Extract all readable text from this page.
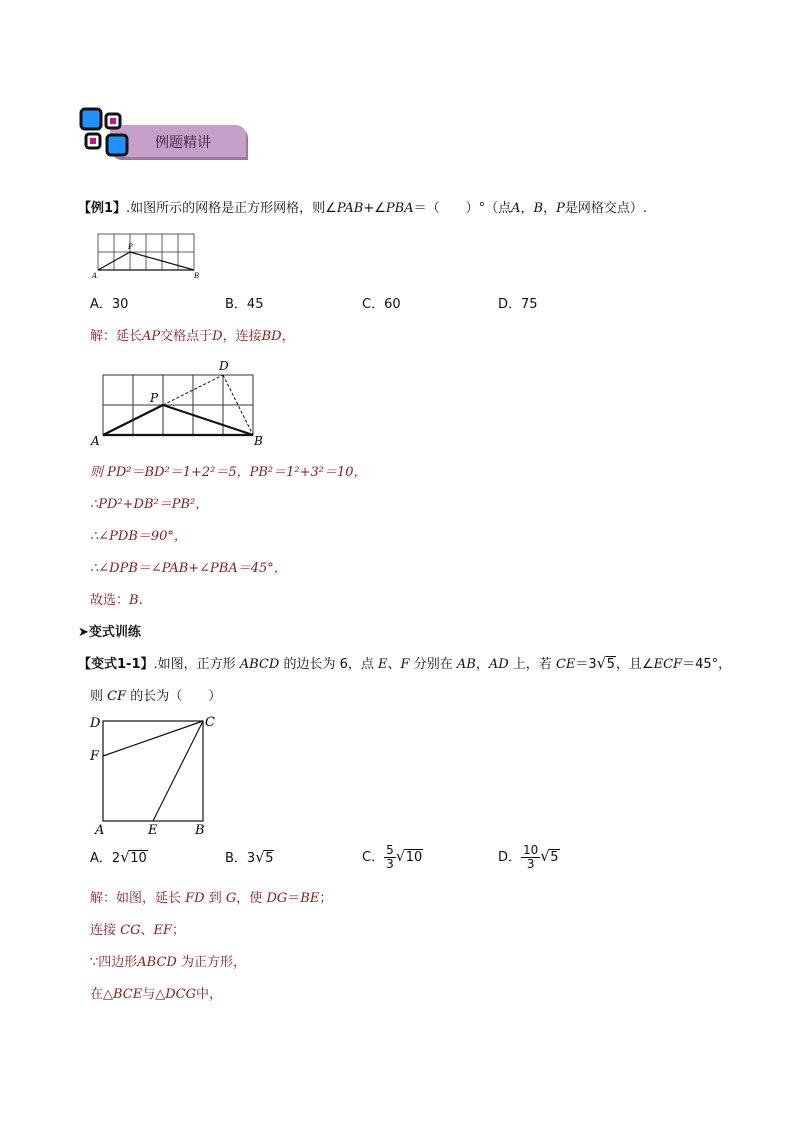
例题精讲
【例1】.如图所示的网格是正方形网格，则∠PAB+∠PBA＝（　　）°（点A，B，P是网格交点）.
P
A	B
A．30	B．45	C．60	D．75
解：延长AP交格点于D，连接BD，
D
P
A	B
则 PD²＝BD²＝1+2²＝5，PB²＝1²+3²＝10，
∴PD²+DB²＝PB²，
∴∠PDB＝90°，
∴∠DPB＝∠PAB+∠PBA＝45°，
故选：B.
➤变式训练
【变式1-1】.如图，正方形 ABCD 的边长为 6，点 E、F 分别在 AB，AD 上，若 CE＝3 √ 5，且∠ECF＝45°，
则 CF 的长为（　　）
D	C
F
A	E	B
A．2 √ 10	B．3 √ 5	C． $\frac{5}{3}$ √ 10	D． $\frac{10}{3}$ √ 5
解：如图，延长 FD 到 G，使 DG＝BE；
连接 CG、EF；
∵四边形ABCD 为正方形，
在△BCE与△DCG中，
